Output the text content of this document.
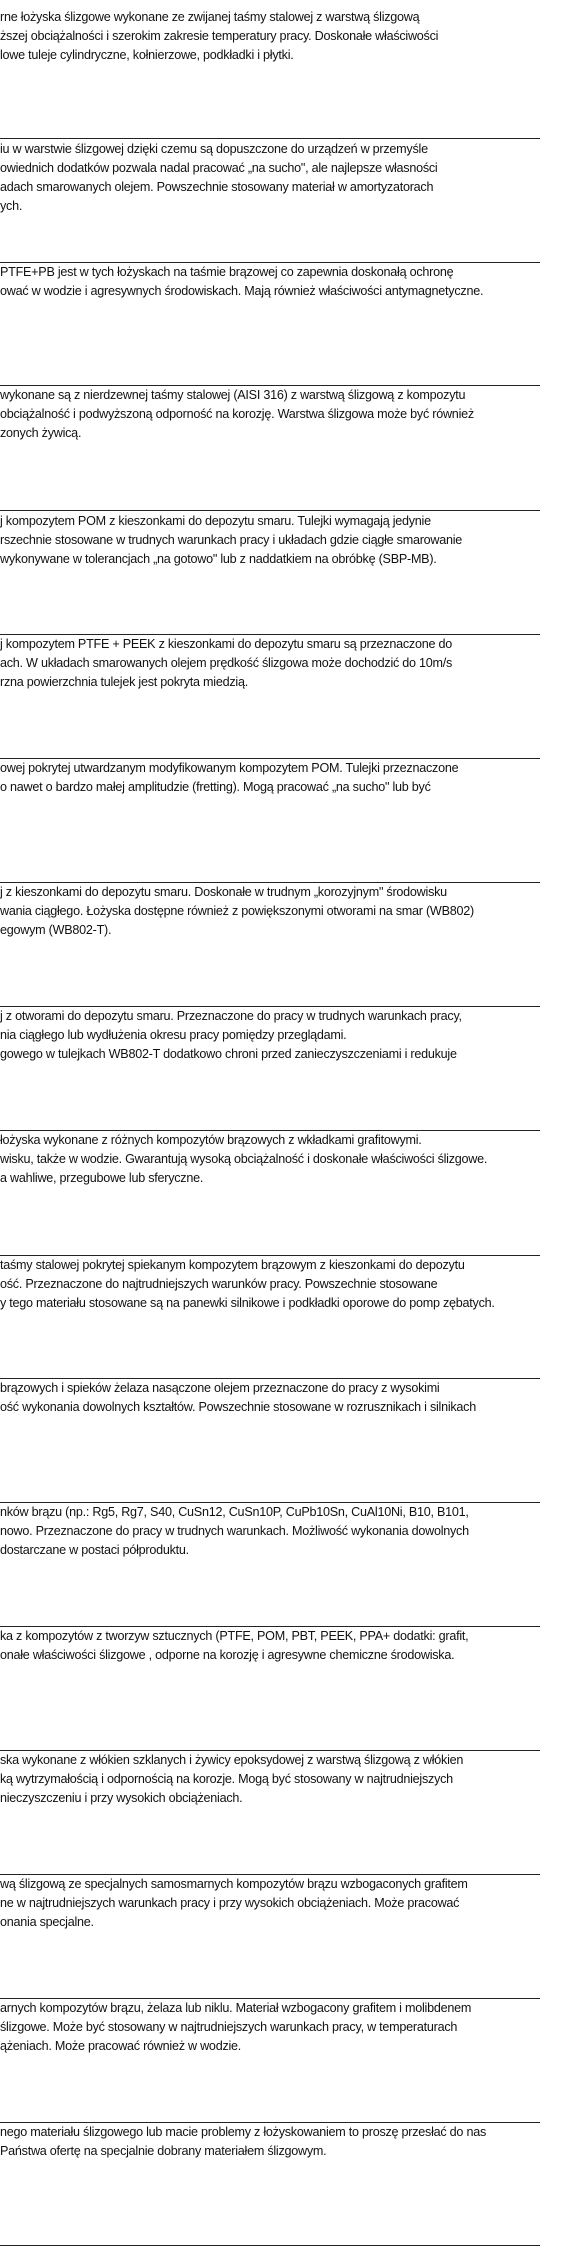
rne łożyska ślizgowe wykonane ze zwijanej taśmy stalowej z warstwą ślizgową
ższej obciążalności i szerokim zakresie temperatury pracy. Doskonałe właściwości
lowe tuleje cylindryczne, kołnierzowe, podkładki i płytki.
iu w warstwie ślizgowej dzięki czemu są dopuszczone do urządzeń w przemyśle
owiednich dodatków pozwala nadal pracować „na sucho", ale najlepsze własności
adach smarowanych olejem. Powszechnie stosowany materiał w amortyzatorach
ych.
PTFE+PB jest w tych łożyskach na taśmie brązowej co zapewnia doskonałą ochronę
ować w wodzie i agresywnych środowiskach. Mają również właściwości antymagnetyczne.
wykonane są z nierdzewnej taśmy stalowej (AISI 316) z warstwą ślizgową z kompozytu
obciążalność i podwyższoną odporność na korozję. Warstwa ślizgowa może być również
zonych żywicą.
j kompozytem POM z kieszonkami do depozytu smaru. Tulejki wymagają jedynie
rszechnie stosowane w trudnych warunkach pracy i układach gdzie ciągłe smarowanie
wykonywane w tolerancjach „na gotowo" lub z naddatkiem na obróbkę (SBP-MB).
j kompozytem PTFE + PEEK z kieszonkami do depozytu smaru są przeznaczone do
ach. W układach smarowanych olejem prędkość ślizgowa może dochodzić do 10m/s
rzna powierzchnia tulejek jest pokryta miedzią.
owej pokrytej utwardzanym modyfikowanym kompozytem POM. Tulejki przeznaczone
o nawet o bardzo małej amplitudzie (fretting). Mogą pracować „na sucho" lub być
j z kieszonkami do depozytu smaru. Doskonałe w trudnym „korozyjnym" środowisku
wania ciągłego. Łożyska dostępne również z powiększonymi otworami na smar (WB802)
egowym (WB802-T).
j z otworami do depozytu smaru. Przeznaczone do pracy w trudnych warunkach pracy,
nia ciągłego lub wydłużenia okresu pracy pomiędzy przeglądami.
gowego w tulejkach WB802-T dodatkowo chroni przed zanieczyszczeniami i redukuje
łożyska wykonane z różnych kompozytów brązowych z wkładkami grafitowymi.
wisku, także w wodzie. Gwarantują wysoką obciążalność i doskonałe właściwości ślizgowe.
a wahliwe, przegubowe lub sferyczne.
taśmy stalowej pokrytej spiekanym kompozytem brązowym z kieszonkami do depozytu
ość. Przeznaczone do najtrudniejszych warunków pracy. Powszechnie stosowane
y tego materiału stosowane są na panewki silnikowe i podkładki oporowe do pomp zębatych.
brązowych i spieków żelaza nasączone olejem przeznaczone do pracy z wysokimi
ość wykonania dowolnych kształtów. Powszechnie stosowane w rozrusznikach i silnikach
nków brązu (np.: Rg5, Rg7, S40, CuSn12, CuSn10P, CuPb10Sn, CuAl10Ni, B10, B101,
nowo. Przeznaczone do pracy w trudnych warunkach. Możliwość wykonania dowolnych
dostarczane w postaci półproduktu.
ka z kompozytów z tworzyw sztucznych (PTFE, POM, PBT, PEEK, PPA+ dodatki: grafit,
onałe właściwości ślizgowe , odporne na korozję i agresywne chemiczne środowiska.
ska wykonane z włókien szklanych i żywicy epoksydowej z warstwą ślizgową z włókien
ką wytrzymałością i odpornością na korozje. Mogą być stosowany w najtrudniejszych
nieczyszczeniu i przy wysokich obciążeniach.
wą ślizgową ze specjalnych samosmarnych kompozytów brązu wzbogaconych grafitem
ne w najtrudniejszych warunkach pracy i przy wysokich obciążeniach. Może pracować
onania specjalne.
arnych kompozytów brązu, żelaza lub niklu. Materiał wzbogacony grafitem i molibdenem
ślizgowe. Może być stosowany w najtrudniejszych warunkach pracy, w temperaturach
ążeniach. Może pracować również w wodzie.
nego materiału ślizgowego lub macie problemy z łożyskowaniem to proszę przesłać do nas
Państwa ofertę na specjalnie dobrany materiałem ślizgowym.
